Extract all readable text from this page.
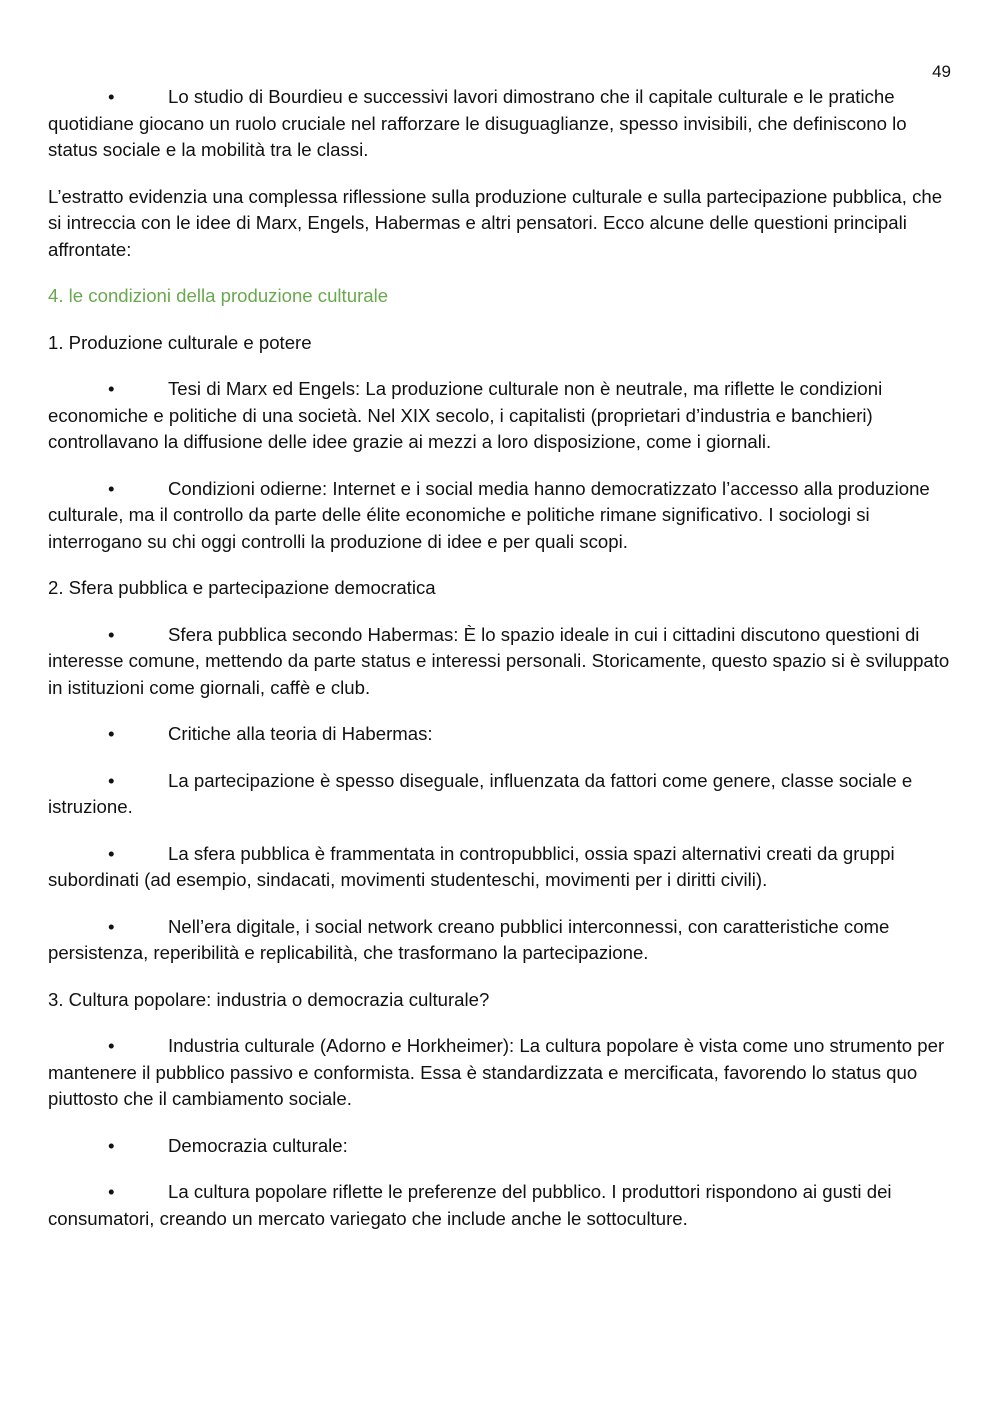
49

•	Lo studio di Bourdieu e successivi lavori dimostrano che il capitale culturale e le pratiche quotidiane giocano un ruolo cruciale nel rafforzare le disuguaglianze, spesso invisibili, che definiscono lo status sociale e la mobilità tra le classi.

L’estratto evidenzia una complessa riflessione sulla produzione culturale e sulla partecipazione pubblica, che si intreccia con le idee di Marx, Engels, Habermas e altri pensatori. Ecco alcune delle questioni principali affrontate:

4. le condizioni della produzione culturale

1. Produzione culturale e potere

•	Tesi di Marx ed Engels: La produzione culturale non è neutrale, ma riflette le condizioni economiche e politiche di una società. Nel XIX secolo, i capitalisti (proprietari d’industria e banchieri) controllavano la diffusione delle idee grazie ai mezzi a loro disposizione, come i giornali.

•	Condizioni odierne: Internet e i social media hanno democratizzato l’accesso alla produzione culturale, ma il controllo da parte delle élite economiche e politiche rimane significativo. I sociologi si interrogano su chi oggi controlli la produzione di idee e per quali scopi.

2. Sfera pubblica e partecipazione democratica

•	Sfera pubblica secondo Habermas: È lo spazio ideale in cui i cittadini discutono questioni di interesse comune, mettendo da parte status e interessi personali. Storicamente, questo spazio si è sviluppato in istituzioni come giornali, caffè e club.

•	Critiche alla teoria di Habermas:

•	La partecipazione è spesso diseguale, influenzata da fattori come genere, classe sociale e istruzione.

•	La sfera pubblica è frammentata in contropubblici, ossia spazi alternativi creati da gruppi subordinati (ad esempio, sindacati, movimenti studenteschi, movimenti per i diritti civili).

•	Nell’era digitale, i social network creano pubblici interconnessi, con caratteristiche come persistenza, reperibilità e replicabilità, che trasformano la partecipazione.

3. Cultura popolare: industria o democrazia culturale?

•	Industria culturale (Adorno e Horkheimer): La cultura popolare è vista come uno strumento per mantenere il pubblico passivo e conformista. Essa è standardizzata e mercificata, favorendo lo status quo piuttosto che il cambiamento sociale.

•	Democrazia culturale:

•	La cultura popolare riflette le preferenze del pubblico. I produttori rispondono ai gusti dei consumatori, creando un mercato variegato che include anche le sottoculture.
